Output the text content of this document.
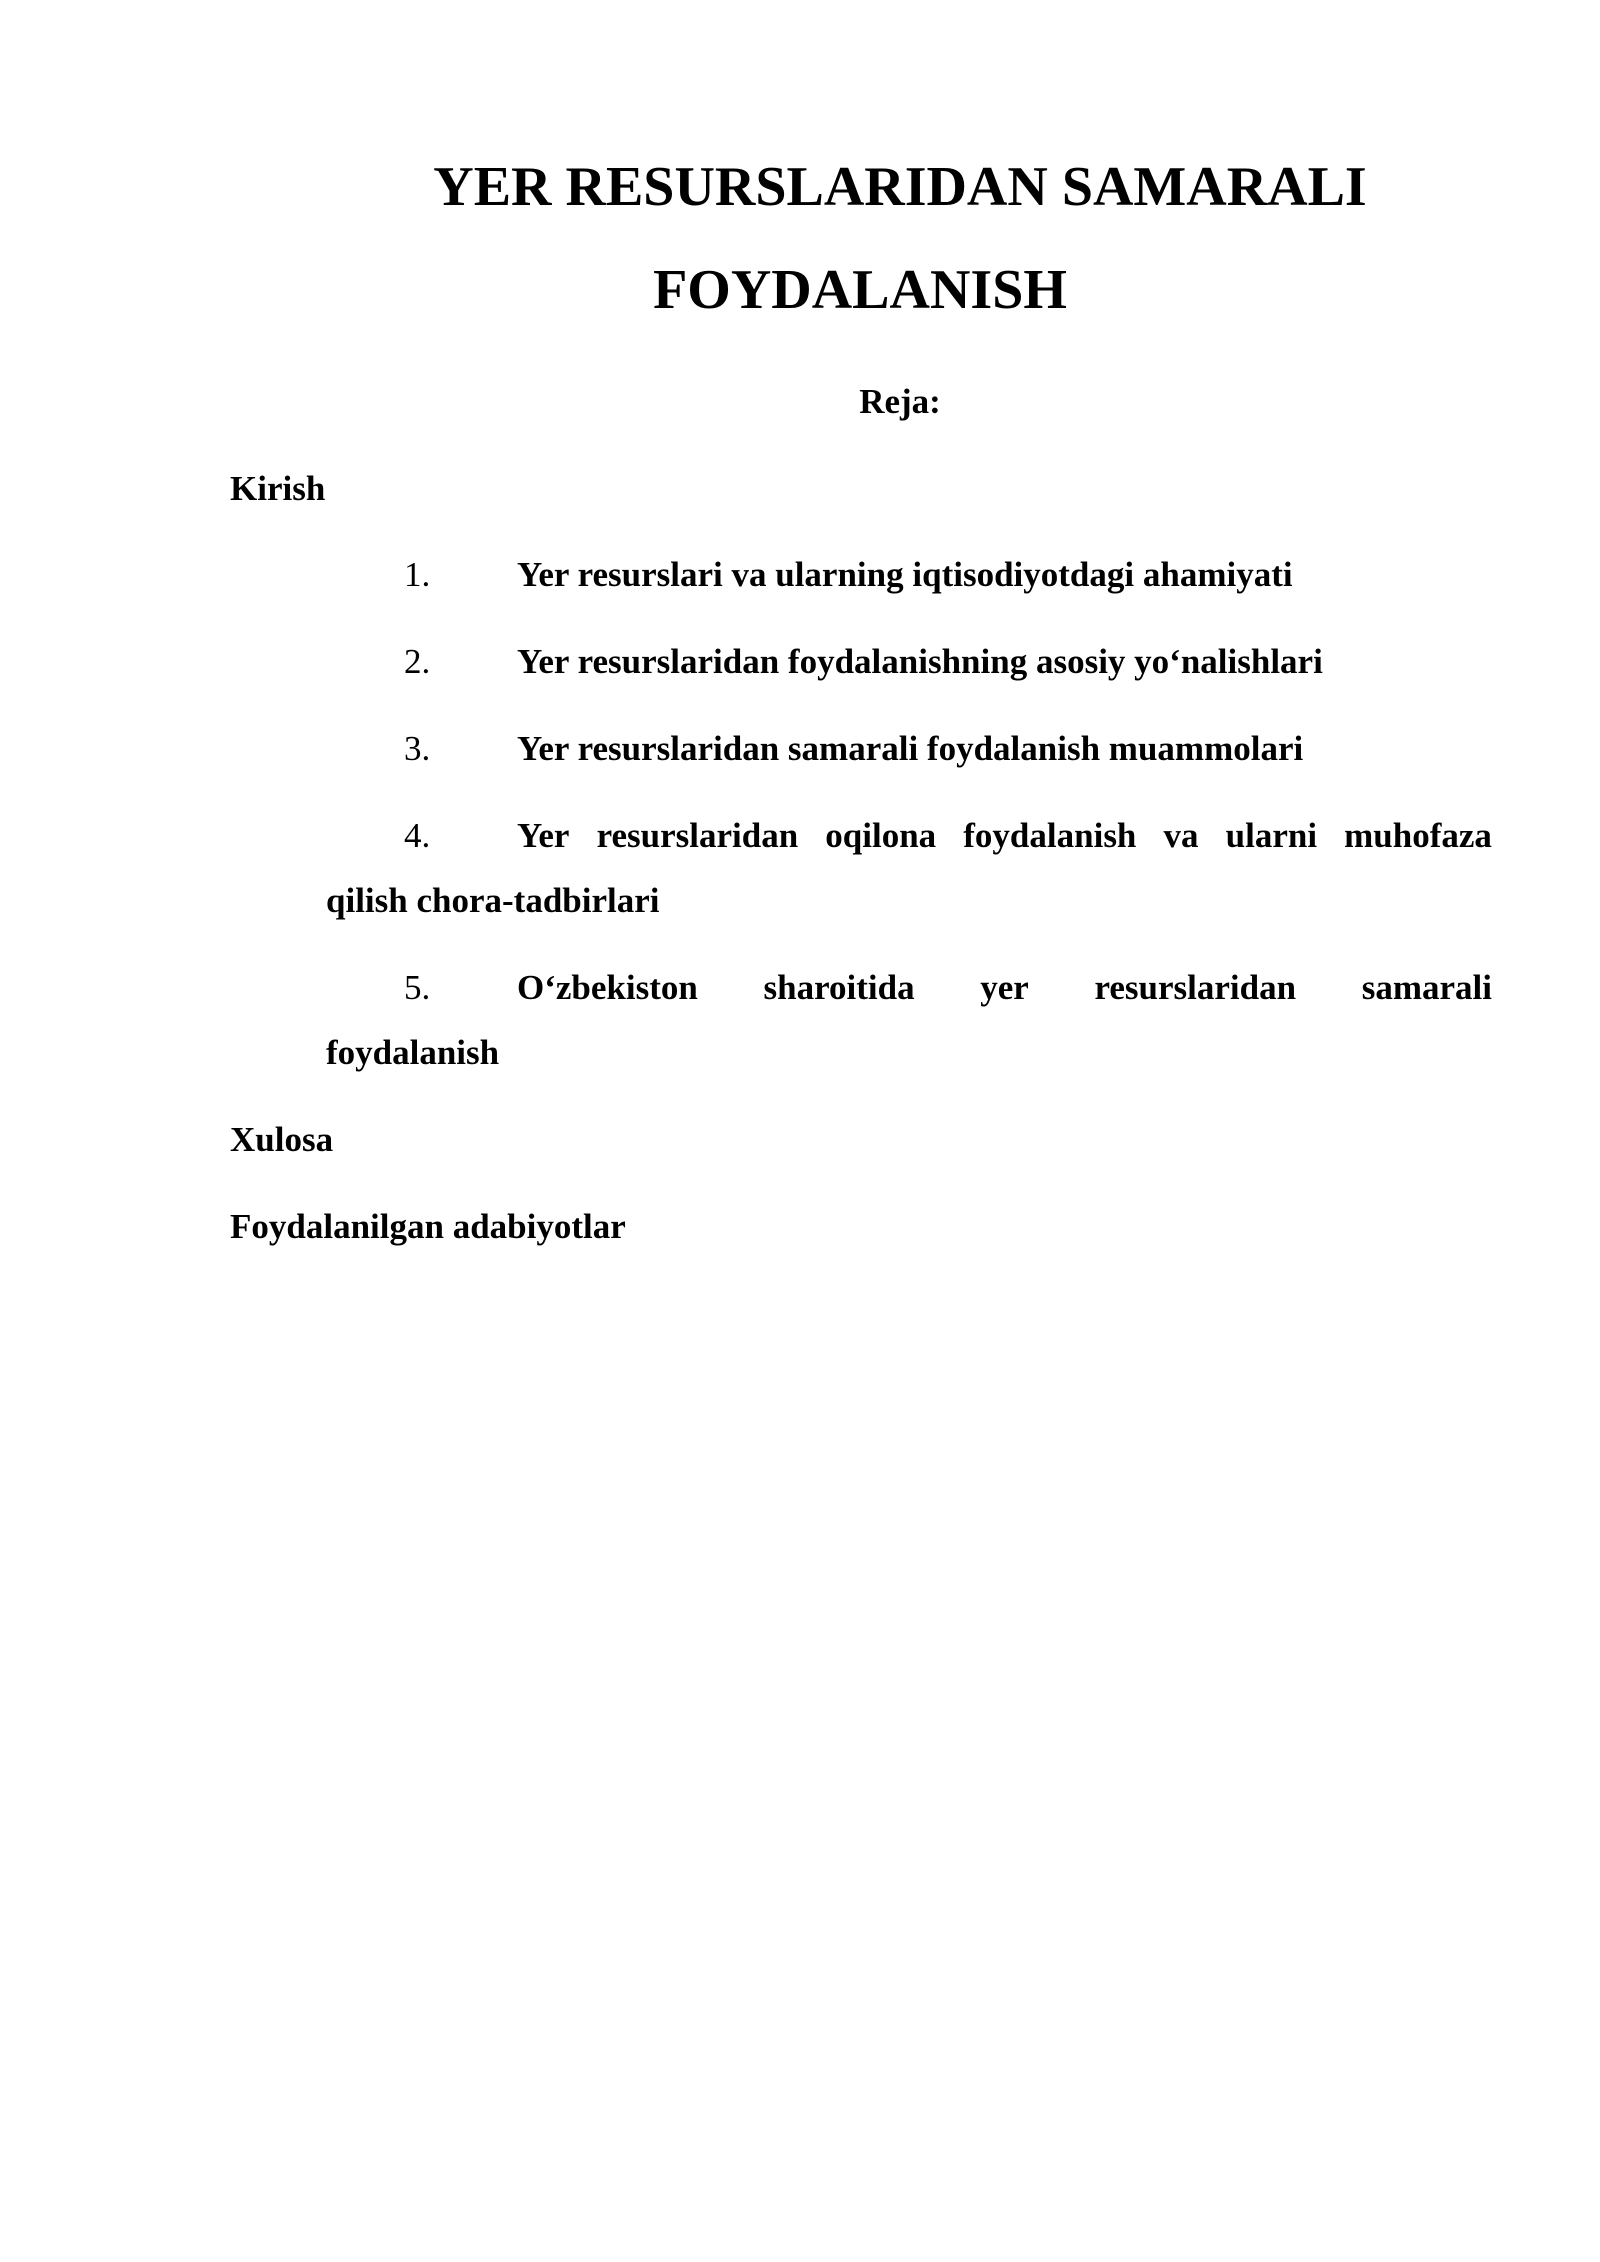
YER RESURSLARIDAN SAMARALI
FOYDALANISH
Reja:
Kirish
1.	Yer resurslari va ularning iqtisodiyotdagi ahamiyati
2.	Yer resurslaridan foydalanishning asosiy yo‘nalishlari
3.	Yer resurslaridan samarali foydalanish muammolari
4.	Yer resurslaridan oqilona foydalanish va ularni muhofaza
qilish chora-tadbirlari
5.	O‘zbekiston sharoitida yer resurslaridan samarali
foydalanish
Xulosa
Foydalanilgan adabiyotlar
